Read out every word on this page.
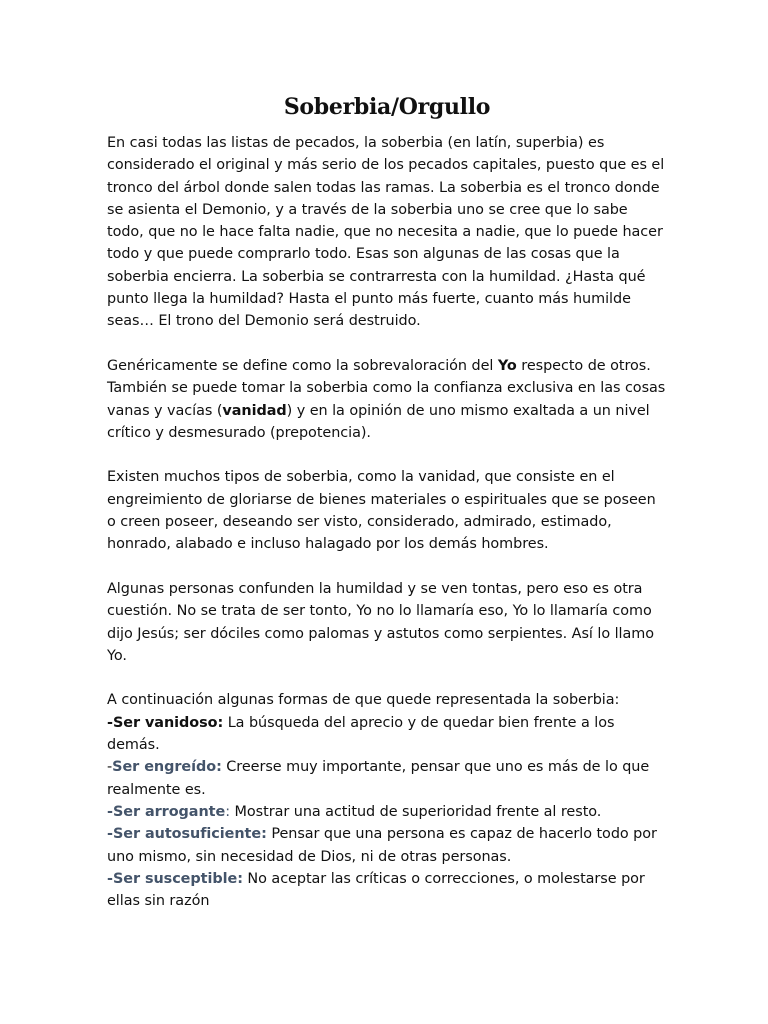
Soberbia/Orgullo

En casi todas las listas de pecados, la soberbia (en latín, superbia) es considerado el original y más serio de los pecados capitales, puesto que es el tronco del árbol donde salen todas las ramas. La soberbia es el tronco donde se asienta el Demonio, y a través de la soberbia uno se cree que lo sabe todo, que no le hace falta nadie, que no necesita a nadie, que lo puede hacer todo y que puede comprarlo todo. Esas son algunas de las cosas que la soberbia encierra. La soberbia se contrarresta con la humildad. ¿Hasta qué punto llega la humildad? Hasta el punto más fuerte, cuanto más humilde seas… El trono del Demonio será destruido.

Genéricamente se define como la sobrevaloración del Yo respecto de otros. También se puede tomar la soberbia como la confianza exclusiva en las cosas vanas y vacías (vanidad) y en la opinión de uno mismo exaltada a un nivel crítico y desmesurado (prepotencia).

Existen muchos tipos de soberbia, como la vanidad, que consiste en el engreimiento de gloriarse de bienes materiales o espirituales que se poseen o creen poseer, deseando ser visto, considerado, admirado, estimado, honrado, alabado e incluso halagado por los demás hombres.

Algunas personas confunden la humildad y se ven tontas, pero eso es otra cuestión. No se trata de ser tonto, Yo no lo llamaría eso, Yo lo llamaría como dijo Jesús; ser dóciles como palomas y astutos como serpientes. Así lo llamo Yo.

A continuación algunas formas de que quede representada la soberbia:

-Ser vanidoso: La búsqueda del aprecio y de quedar bien frente a los demás.

-Ser engreído: Creerse muy importante, pensar que uno es más de lo que realmente es.

-Ser arrogante: Mostrar una actitud de superioridad frente al resto.

-Ser autosuficiente: Pensar que una persona es capaz de hacerlo todo por uno mismo, sin necesidad de Dios, ni de otras personas.

-Ser susceptible: No aceptar las críticas o correcciones, o molestarse por ellas sin razón
